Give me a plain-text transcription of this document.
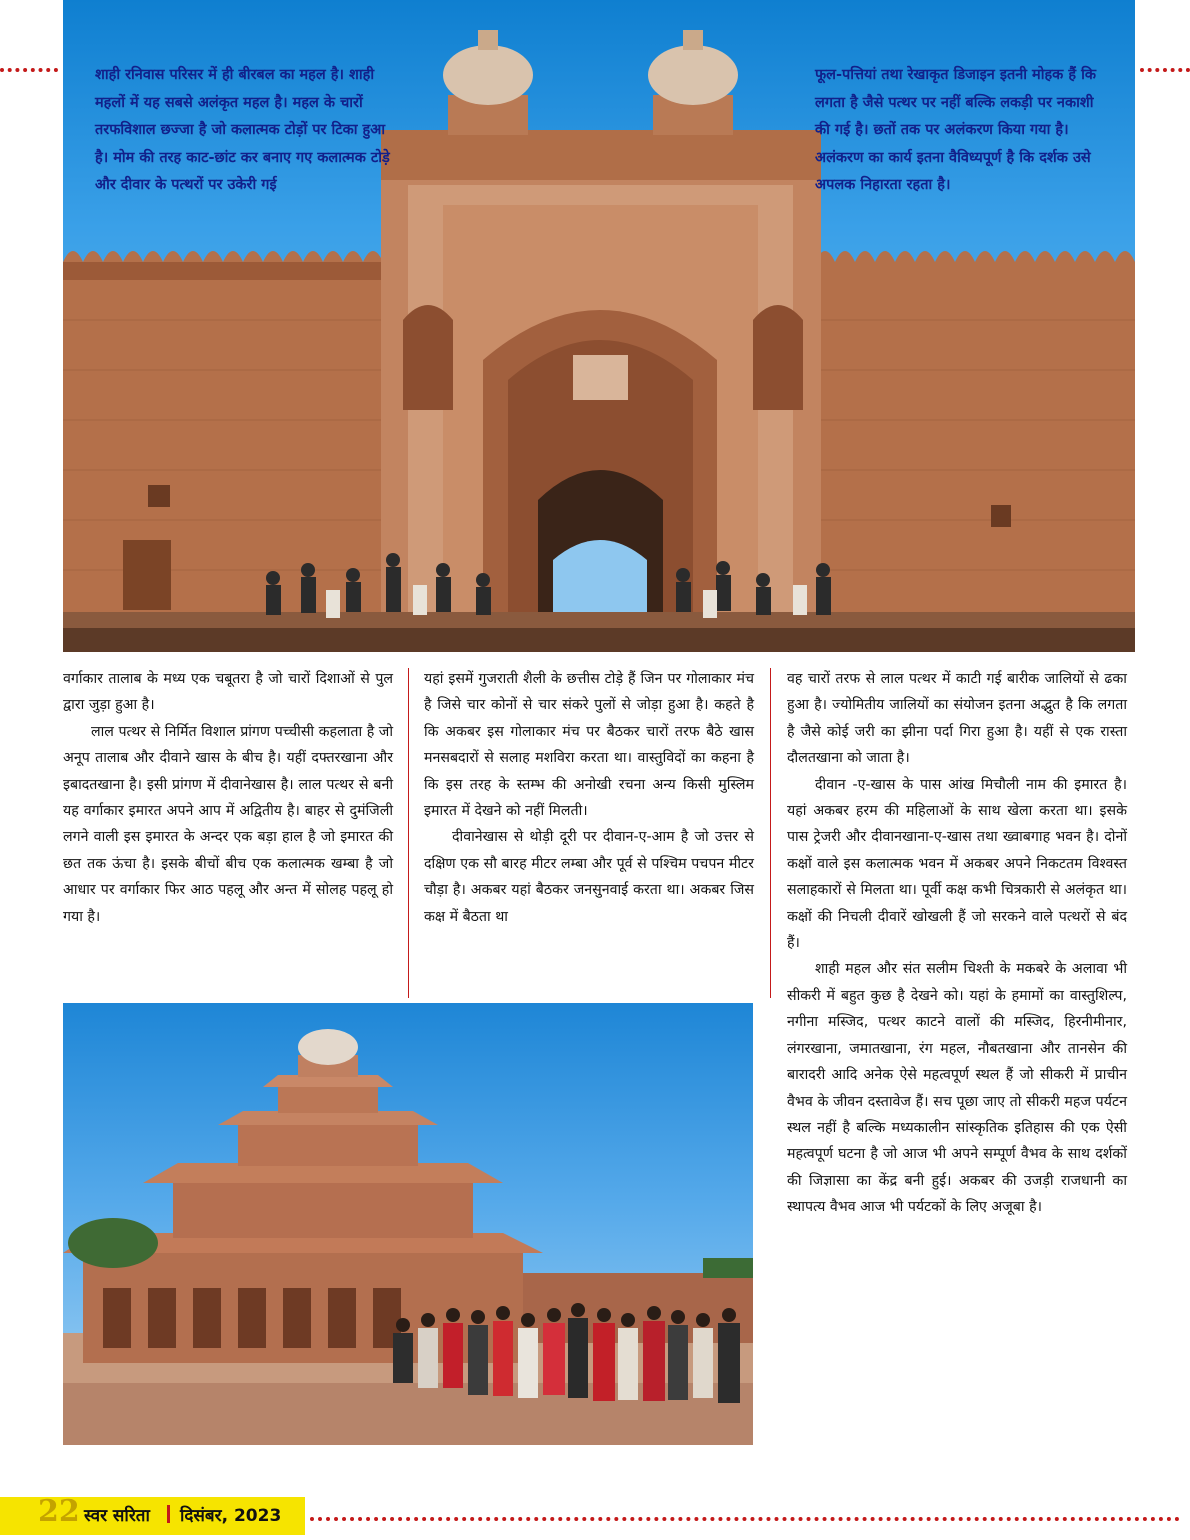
शाही रनिवास परिसर में ही बीरबल का महल है। शाही महलों में यह सबसे अलंकृत महल है। महल के चारों तरफविशाल छज्जा है जो कलात्मक टोड़ों पर टिका हुआ है। मोम की तरह काट-छांट कर बनाए गए कलात्मक टोड़े और दीवार के पत्थरों पर उकेरी गई
फूल-पत्तियां तथा रेखाकृत डिजाइन इतनी मोहक हैं कि लगता है जैसे पत्थर पर नहीं बल्कि लकड़ी पर नकाशी की गई है। छतों तक पर अलंकरण किया गया है। अलंकरण का कार्य इतना वैविध्यपूर्ण है कि दर्शक उसे अपलक निहारता रहता है।

वर्गाकार तालाब के मध्य एक चबूतरा है जो चारों दिशाओं से पुल द्वारा जुड़ा हुआ है।

लाल पत्थर से निर्मित विशाल प्रांगण पच्चीसी कहलाता है जो अनूप तालाब और दीवाने खास के बीच है। यहीं दफ्तरखाना और इबादतखाना है। इसी प्रांगण में दीवानेखास है। लाल पत्थर से बनी यह वर्गाकार इमारत अपने आप में अद्वितीय है। बाहर से दुमंजिली लगने वाली इस इमारत के अन्दर एक बड़ा हाल है जो इमारत की छत तक ऊंचा है। इसके बीचों बीच एक कलात्मक खम्बा है जो आधार पर वर्गाकार फिर आठ पहलू और अन्त में सोलह पहलू हो गया है।

यहां इसमें गुजराती शैली के छत्तीस टोड़े हैं जिन पर गोलाकार मंच है जिसे चार कोनों से चार संकरे पुलों से जोड़ा हुआ है। कहते है कि अकबर इस गोलाकार मंच पर बैठकर चारों तरफ बैठे खास मनसबदारों से सलाह मशविरा करता था। वास्तुविदों का कहना है कि इस तरह के स्तम्भ की अनोखी रचना अन्य किसी मुस्लिम इमारत में देखने को नहीं मिलती।

दीवानेखास से थोड़ी दूरी पर दीवान-ए-आम है जो उत्तर से दक्षिण एक सौ बारह मीटर लम्बा और पूर्व से पश्चिम पचपन मीटर चौड़ा है। अकबर यहां बैठकर जनसुनवाई करता था। अकबर जिस कक्ष में बैठता था

वह चारों तरफ से लाल पत्थर में काटी गई बारीक जालियों से ढका हुआ है। ज्योमितीय जालियों का संयोजन इतना अद्भुत है कि लगता है जैसे कोई जरी का झीना पर्दा गिरा हुआ है। यहीं से एक रास्ता दौलतखाना को जाता है।

दीवान -ए-खास के पास आंख मिचौली नाम की इमारत है। यहां अकबर हरम की महिलाओं के साथ खेला करता था। इसके पास ट्रेजरी और दीवानखाना-ए-खास तथा ख्वाबगाह भवन है। दोनों कक्षों वाले इस कलात्मक भवन में अकबर अपने निकटतम विश्वस्त सलाहकारों से मिलता था। पूर्वी कक्ष कभी चित्रकारी से अलंकृत था। कक्षों की निचली दीवारें खोखली हैं जो सरकने वाले पत्थरों से बंद हैं।

शाही महल और संत सलीम चिश्ती के मकबरे के अलावा भी सीकरी में बहुत कुछ है देखने को। यहां के हमामों का वास्तुशिल्प, नगीना मस्जिद, पत्थर काटने वालों की मस्जिद, हिरनीमीनार, लंगरखाना, जमातखाना, रंग महल, नौबतखाना और तानसेन की बारादरी आदि अनेक ऐसे महत्वपूर्ण स्थल हैं जो सीकरी में प्राचीन वैभव के जीवन दस्तावेज हैं। सच पूछा जाए तो सीकरी महज पर्यटन स्थल नहीं है बल्कि मध्यकालीन सांस्कृतिक इतिहास की एक ऐसी महत्वपूर्ण घटना है जो आज भी अपने सम्पूर्ण वैभव के साथ दर्शकों की जिज्ञासा का केंद्र बनी हुई। अकबर की उजड़ी राजधानी का स्थापत्य वैभव आज भी पर्यटकों के लिए अजूबा है।

22 स्वर सरिता दिसंबर, 2023
